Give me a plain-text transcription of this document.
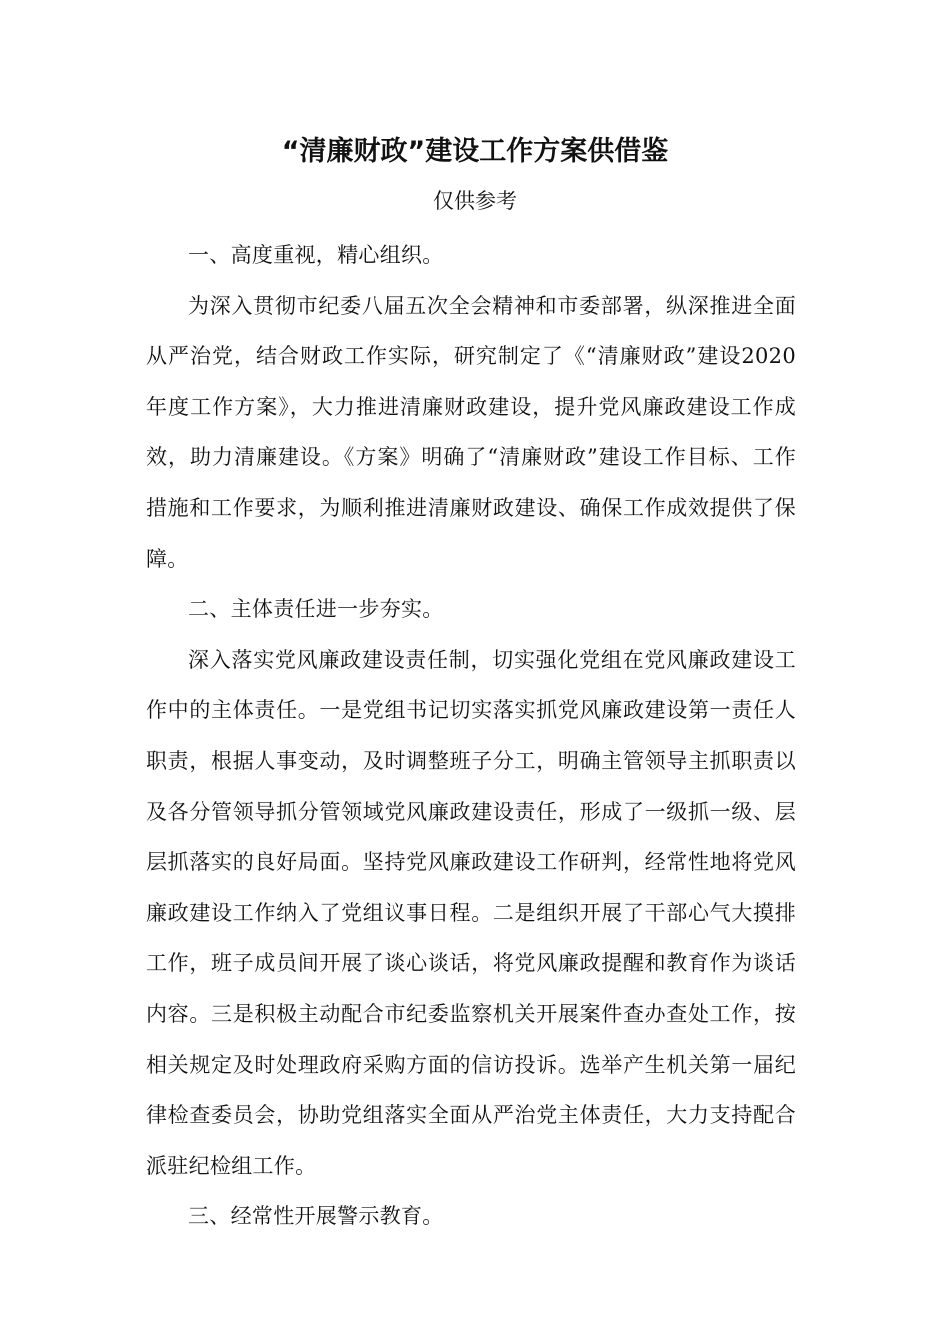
“清廉财政”建设工作方案供借鉴
仅供参考

一、高度重视，精心组织。

为深入贯彻市纪委八届五次全会精神和市委部署，纵深推进全面从严治党，结合财政工作实际，研究制定了《“清廉财政”建设2020年度工作方案》，大力推进清廉财政建设，提升党风廉政建设工作成效，助力清廉建设。《方案》明确了“清廉财政”建设工作目标、工作措施和工作要求，为顺利推进清廉财政建设、确保工作成效提供了保障。

二、主体责任进一步夯实。

深入落实党风廉政建设责任制，切实强化党组在党风廉政建设工作中的主体责任。一是党组书记切实落实抓党风廉政建设第一责任人职责，根据人事变动，及时调整班子分工，明确主管领导主抓职责以及各分管领导抓分管领域党风廉政建设责任，形成了一级抓一级、层层抓落实的良好局面。坚持党风廉政建设工作研判，经常性地将党风廉政建设工作纳入了党组议事日程。二是组织开展了干部心气大摸排工作，班子成员间开展了谈心谈话，将党风廉政提醒和教育作为谈话内容。三是积极主动配合市纪委监察机关开展案件查办查处工作，按相关规定及时处理政府采购方面的信访投诉。选举产生机关第一届纪律检查委员会，协助党组落实全面从严治党主体责任，大力支持配合派驻纪检组工作。

三、经常性开展警示教育。
